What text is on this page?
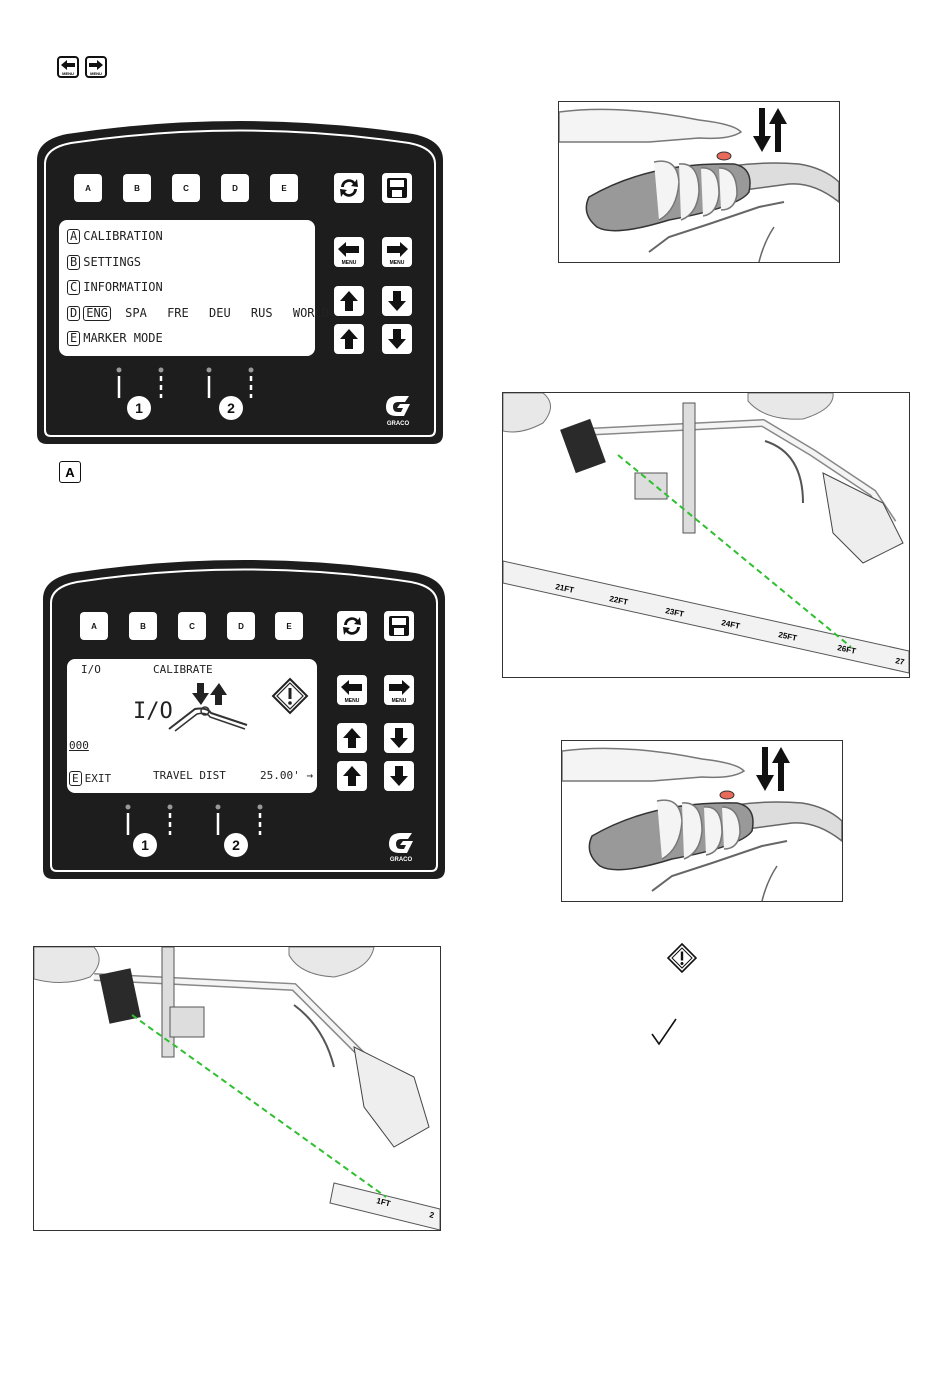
MENU	MENU
A	B	C	D	E
A CALIBRATION
B SETTINGS
C INFORMATION
D ENG SPA FRE DEU RUS WORLD
E MARKER MODE
MENU	MENU
1	2
GRACO
A
A	B	C	D	E
I/O	CALIBRATE
I/O
000
E EXIT	TRAVEL DIST	25.00' →
MENU	MENU
1	2
GRACO
21FT
22FT
23FT
24FT
25FT
26FT
27
1FT
2
